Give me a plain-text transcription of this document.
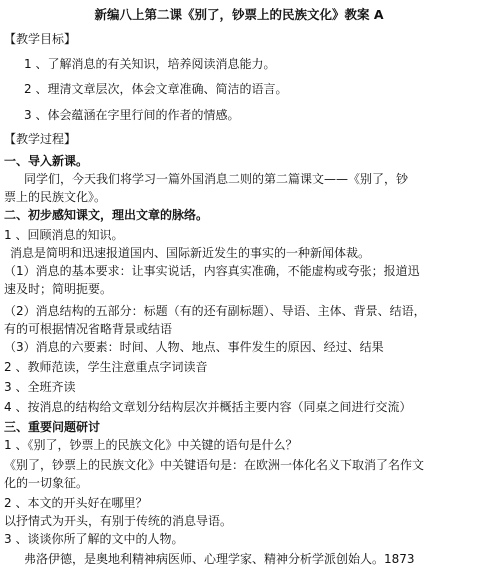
新编八上第二课《别了，钞票上的民族文化》教案 A
【教学目标】
1 、了解消息的有关知识，培养阅读消息能力。
2 、理清文章层次，体会文章准确、简洁的语言。
3 、体会蕴涵在字里行间的作者的情感。
【教学过程】
一、导入新课。
同学们，今天我们将学习一篇外国消息二则的第二篇课文——《别了，钞
票上的民族文化》。
二、初步感知课文，理出文章的脉络。
1 、回顾消息的知识。
消息是简明和迅速报道国内、国际新近发生的事实的一种新闻体裁。
（1）消息的基本要求：让事实说话，内容真实准确，不能虚构或夸张；报道迅
速及时；简明扼要。
（2）消息结构的五部分：标题（有的还有副标题）、导语、主体、背景、结语，
有的可根据情况省略背景或结语
（3）消息的六要素：时间、人物、地点、事件发生的原因、经过、结果
2 、教师范读，学生注意重点字词读音
3 、全班齐读
4 、按消息的结构给文章划分结构层次并概括主要内容（同桌之间进行交流）
三、重要问题研讨
1 、《别了，钞票上的民族文化》中关键的语句是什么？
《别了，钞票上的民族文化》中关键语句是：在欧洲一体化名义下取消了名作文
化的一切象征。
2 、本文的开头好在哪里？
以抒情式为开头，有别于传统的消息导语。
3 、谈谈你所了解的文中的人物。
弗洛伊德，是奥地利精神病医师、心理学家、精神分析学派创始人。1873
